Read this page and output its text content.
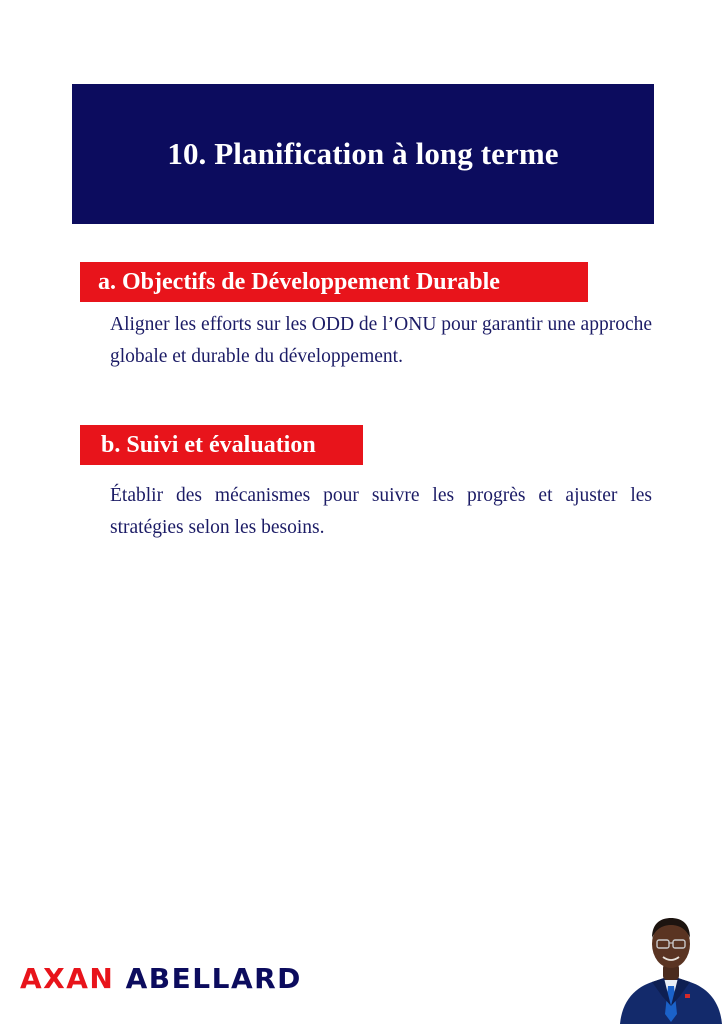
10. Planification à long terme
a. Objectifs de Développement Durable

Aligner les efforts sur les ODD de l’ONU pour garantir une approche globale et durable du développement.

b. Suivi et évaluation

Établir des mécanismes pour suivre les progrès et ajuster les stratégies selon les besoins.

AXAN ABELLARD
